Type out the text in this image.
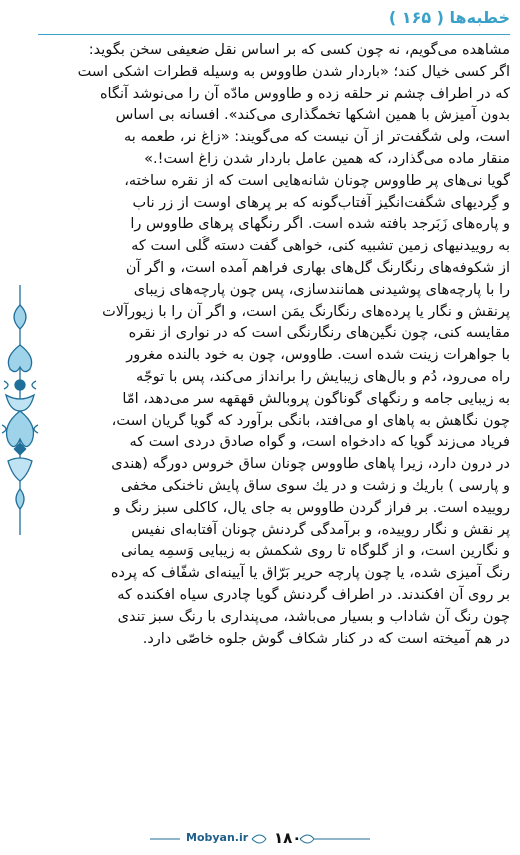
خطبه‌ها ( ۱۶۵ )
مشاهده می‌گویم، نه چون کسی که بر اساس نقل ضعیفی سخن بگوید:
اگر کسی خیال کند؛ «باردار شدن طاووس به وسیله قطرات اشکی است
که در اطراف چشم نر حلقه زده و طاووس مادّه آن را می‌نوشد آنگاه
بدون آمیزش با همین اشکها تخمگذاری می‌کند». افسانه بی اساس
است، ولی شگفت‌تر از آن نیست که می‌گویند: «زاغ نر، طعمه به
منقار ماده می‌گذارد، که همین عامل باردار شدن زاغ است!.»
گویا نی‌های پر طاووس چونان شانه‌هایی است که از نقره ساخته،
و گِردیهای شگفت‌انگیز آفتاب‌گونه که بر پرهای اوست از زر ناب
و پاره‌های زَبَرجد بافته شده است. اگر رنگهای پرهای طاووس را
به روییدنیهای زمین تشبیه کنی، خواهی گفت دسته گُلی است که
از شکوفه‌های رنگارنگ گل‌های بهاری فراهم آمده است، و اگر آن
را با پارچه‌های پوشیدنی همانندسازی، پس چون پارچه‌های زیبای
پرنقش و نگار یا پرده‌های رنگارنگ یمَن است، و اگر آن را با زیورآلات
مقایسه کنی، چون نگین‌های رنگارنگی است که در نواری از نقره
با جواهرات زینت شده است. طاووس، چون به خود بالنده مغرور
راه می‌رود، دُم و بال‌های زیبایش را برانداز می‌کند، پس با توجّه
به زیبایی جامه و رنگهای گوناگون پروبالش قهقهه سر می‌دهد، امّا
چون نگاهش به پاهای او می‌افتد، بانگی برآورد که گویا گریان است،
فریاد می‌زند گویا که دادخواه است، و گواه صادق دردی است که
در درون دارد، زیرا پاهای طاووس چونان ساق خروس دورگه (هندی
و پارسی ) باریك و زشت و در یك سوی ساق پایش ناخنکی مخفی
روییده است. بر فراز گردن طاووس به جای یال، کاکلی سبز رنگ و
پر نقش و نگار روییده، و برآمدگی گردنش چونان آفتابه‌ای نفیس
و نگارین است، و از گلوگاه تا روی شکمش به زیبایی وَسمِه یمانی
رنگ آمیزی شده، یا چون پارچه حریر بَرّاق یا آیینه‌ای شفّاف که پرده
بر روی آن افکندند. در اطراف گردنش گویا چادری سیاه افکنده که
چون رنگ آن شاداب و بسیار می‌باشد، می‌پنداری با رنگ سبز تندی
در هم آمیخته است که در کنار شکاف گوش جلوه خاصّی دارد.
Mobyan.ir ۱۸۰
